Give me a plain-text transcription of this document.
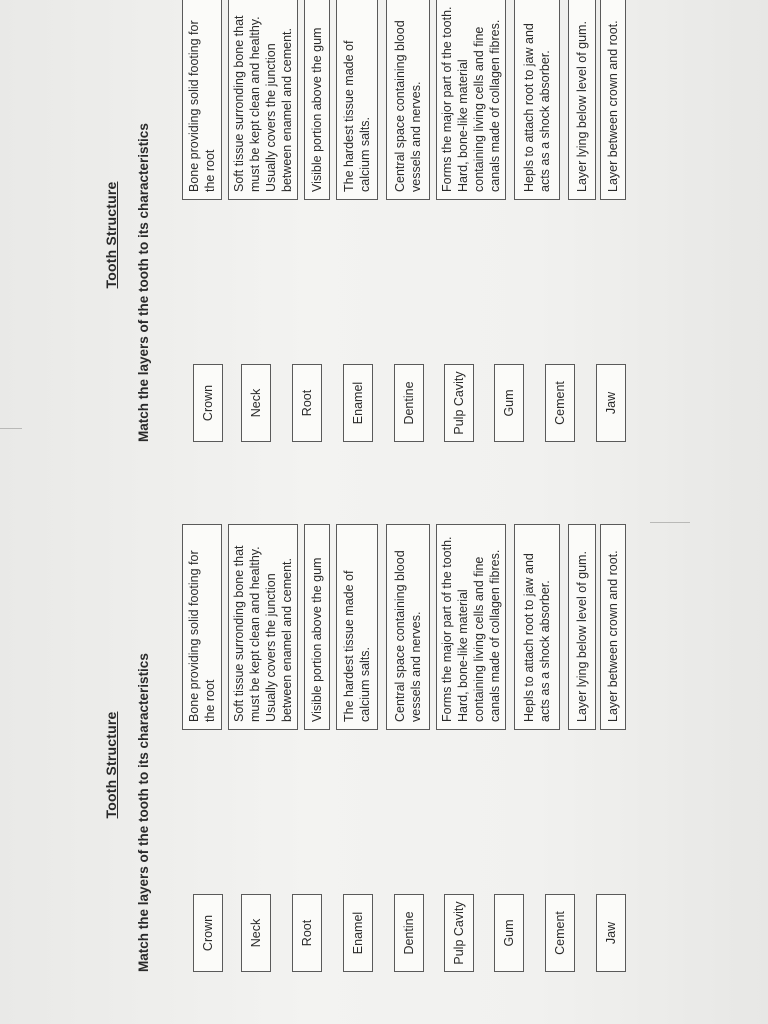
Tooth Structure Match the layers of the tooth to its characteristics	Crown	Neck	Root	Enamel	Dentine	Pulp Cavity	Gum	Cement	Jaw
Bone providing solid footing for the root	Soft tissue surronding bone that must be kept clean and healthy. Usually covers the junction between enamel and cement.	Visible portion above the gum	The hardest tissue made of calcium salts.	Central space containing blood vessels and nerves.	Forms the major part of the tooth. Hard, bone-like material containing living cells and fine canals made of collagen fibres.	Hepls to attach root to jaw and acts as a shock absorber.	Layer lying below level of gum.	Layer between crown and root.
Tooth Structure Match the layers of the tooth to its characteristics	Crown	Neck	Root	Enamel	Dentine	Pulp Cavity	Gum	Cement	Jaw
Bone providing solid footing for the root	Soft tissue surronding bone that must be kept clean and healthy. Usually covers the junction between enamel and cement.	Visible portion above the gum	The hardest tissue made of calcium salts.	Central space containing blood vessels and nerves.	Forms the major part of the tooth. Hard, bone-like material containing living cells and fine canals made of collagen fibres.	Hepls to attach root to jaw and acts as a shock absorber.	Layer lying below level of gum.	Layer between crown and root.
